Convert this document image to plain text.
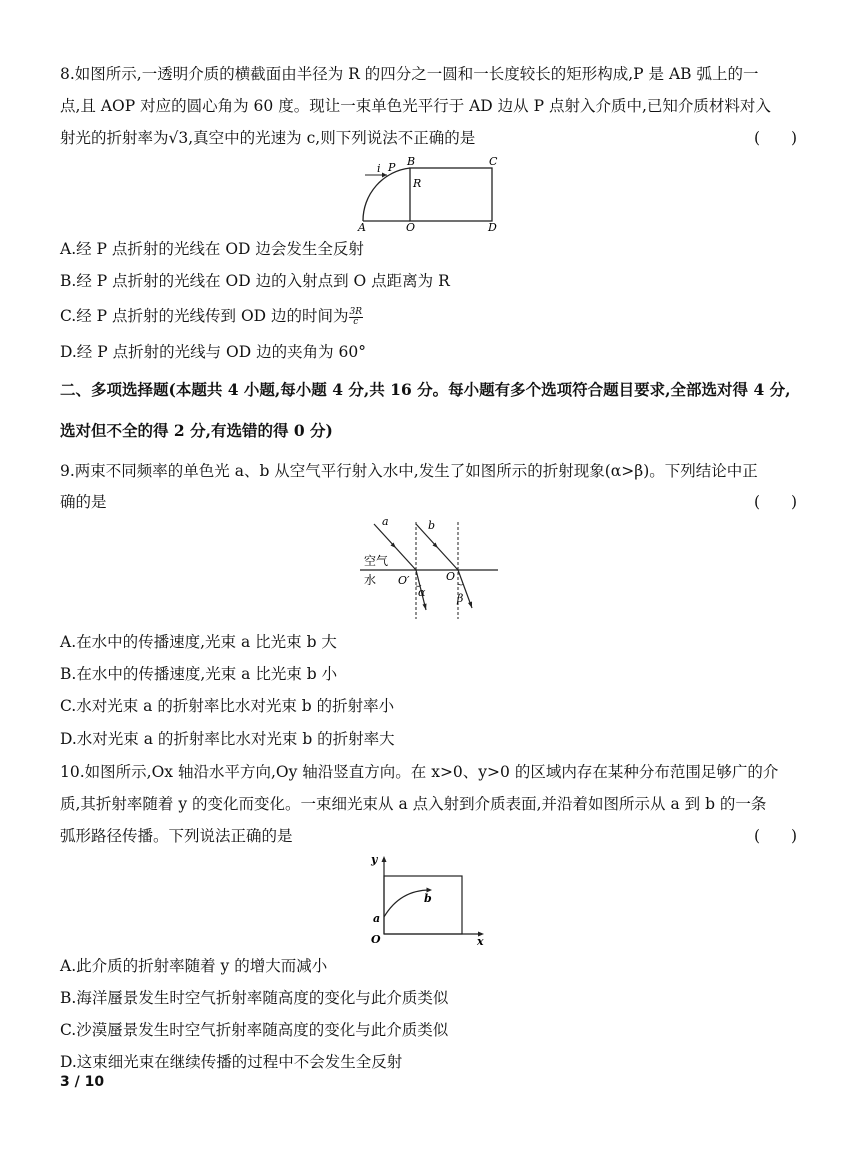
8.如图所示,一透明介质的横截面由半径为 R 的四分之一圆和一长度较长的矩形构成,P 是 AB 弧上的一
点,且 AOP 对应的圆心角为 60 度。现让一束单色光平行于 AD 边从 P 点射入介质中,已知介质材料对入
射光的折射率为√3,真空中的光速为 c,则下列说法不正确的是	(　　)
i P B	C
R
A	O	D
A.经 P 点折射的光线在 OD 边会发生全反射
B.经 P 点折射的光线在 OD 边的入射点到 O 点距离为 R
C.经 P 点折射的光线传到 OD 边的时间为 $\frac{3R}{c}$
D.经 P 点折射的光线与 OD 边的夹角为 60°
二、多项选择题(本题共 4 小题,每小题 4 分,共 16 分。每小题有多个选项符合题目要求,全部选对得 4 分,
选对但不全的得 2 分,有选错的得 0 分)
9.两束不同频率的单色光 a、b 从空气平行射入水中,发生了如图所示的折射现象(α>β)。下列结论中正
确的是	(　　)
a	b
空气
水 O′	O
α	β
A.在水中的传播速度,光束 a 比光束 b 大
B.在水中的传播速度,光束 a 比光束 b 小
C.水对光束 a 的折射率比水对光束 b 的折射率小
D.水对光束 a 的折射率比水对光束 b 的折射率大
10.如图所示,Ox 轴沿水平方向,Oy 轴沿竖直方向。在 x>0、y>0 的区域内存在某种分布范围足够广的介
质,其折射率随着 y 的变化而变化。一束细光束从 a 点入射到介质表面,并沿着如图所示从 a 到 b 的一条
弧形路径传播。下列说法正确的是	(　　)
y
a
b
O	x
A.此介质的折射率随着 y 的增大而减小
B.海洋蜃景发生时空气折射率随高度的变化与此介质类似
C.沙漠蜃景发生时空气折射率随高度的变化与此介质类似
D.这束细光束在继续传播的过程中不会发生全反射
3 / 10
